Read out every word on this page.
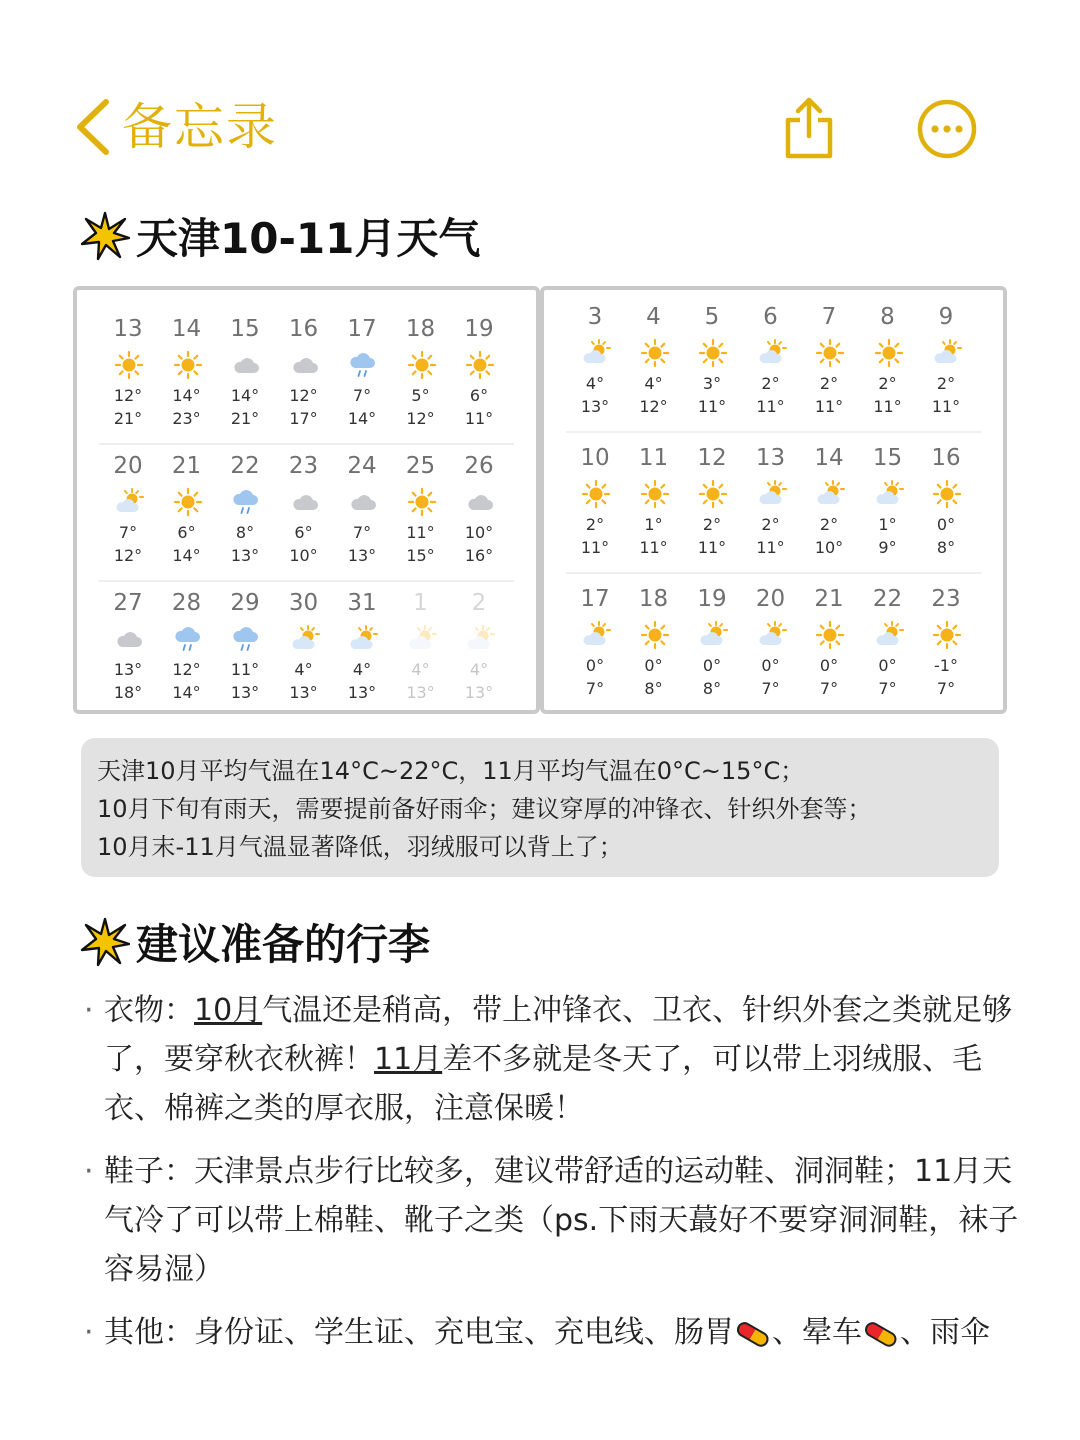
备忘录
天津10-11月天气
13
12°
21°
14
14°
23°
15
14°
21°
16
12°
17°
17
7°
14°
18
5°
12°
19
6°
11°
20
7°
12°
21
6°
14°
22
8°
13°
23
6°
10°
24
7°
13°
25
11°
15°
26
10°
16°
27
13°
18°
28
12°
14°
29
11°
13°
30
4°
13°
31
4°
13°
1
4°
13°
2
4°
13°
3
4°
13°
4
4°
12°
5
3°
11°
6
2°
11°
7
2°
11°
8
2°
11°
9
2°
11°
10
2°
11°
11
1°
11°
12
2°
11°
13
2°
11°
14
2°
10°
15
1°
9°
16
0°
8°
17
0°
7°
18
0°
8°
19
0°
8°
20
0°
7°
21
0°
7°
22
0°
7°
23
-1°
7°

天津10月平均气温在14°C~22°C，11月平均气温在0°C~15°C；

10月下旬有雨天，需要提前备好雨伞；建议穿厚的冲锋衣、针织外套等；

10月末-11月气温显著降低，羽绒服可以背上了；

建议准备的行李
· 衣物：10月气温还是稍高，带上冲锋衣、卫衣、针织外套之类就足够了，要穿秋衣秋裤！11月差不多就是冬天了，可以带上羽绒服、毛衣、棉裤之类的厚衣服，注意保暖！
· 鞋子：天津景点步行比较多，建议带舒适的运动鞋、洞洞鞋；11月天气冷了可以带上棉鞋、靴子之类（ps.下雨天蕞好不要穿洞洞鞋，袜子容易湿）
· 其他：身份证、学生证、充电宝、充电线、肠胃 、晕车 、雨伞
